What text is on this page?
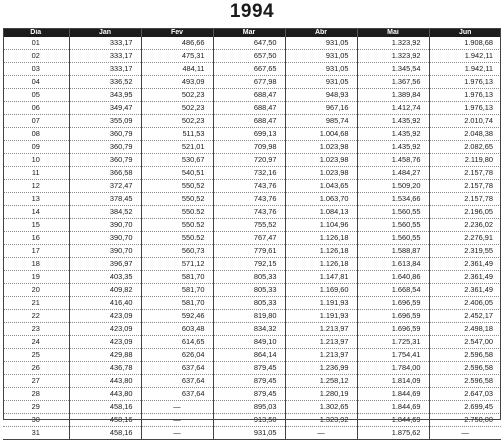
1994
Dia	Jan	Fev	Mar	Abr	Mai	Jun
01	333,17	486,66	647,50	931,05	1.323,92	1.908,68
02	333,17	475,31	657,50	931,05	1.323,92	1.942,11
03	333,17	484,11	667,65	931,05	1.345,54	1.942,11
04	336,52	493,09	677,98	931,05	1.367,56	1.976,13
05	343,95	502,23	688,47	948,93	1.389,84	1.976,13
06	349,47	502,23	688,47	967,16	1.412,74	1.976,13
07	355,09	502,23	688,47	985,74	1.435,92	2.010,74
08	360,79	511,53	699,13	1.004,68	1.435,92	2.048,38
09	360,79	521,01	709,98	1.023,98	1.435,92	2.082,65
10	360,79	530,67	720,97	1.023,98	1.458,76	2.119,80
11	366,58	540,51	732,16	1.023,98	1.484,27	2.157,78
12	372,47	550,52	743,76	1.043,65	1.509,20	2.157,78
13	378,45	550,52	743,76	1.063,70	1.534,66	2.157,78
14	384,52	550.52	743,76	1.084,13	1.560,55	2.196,05
15	390,70	550.52	755,52	1.104,96	1.560,55	2.236,02
16	390,70	550.52	767,47	1.126,18	1.560,55	2.276,91
17	390,70	560,73	779,61	1.126,18	1.588,87	2.319,55
18	396,97	571,12	792,15	1.126,18	1.613,84	2.361,49
19	403,35	581,70	805,33	1.147,81	1.640,86	2.361,49
20	409,82	581,70	805,33	1.169,60	1.668,54	2.361,49
21	416,40	581,70	805,33	1.191,93	1.696,59	2.406,05
22	423,09	592,46	819,80	1.191,93	1.696,59	2.452,17
23	423,09	603,48	834,32	1.213,97	1.696,59	2.498,18
24	423,09	614,65	849,10	1.213,97	1.725,31	2.547,00
25	429,88	626,04	864,14	1.213,97	1.754,41	2.596,58
26	436,78	637,64	879,45	1.236,99	1.784,00	2.596,58
27	443,80	637,64	879,45	1.258,12	1.814,09	2.596,58
28	443,80	637,64	879,45	1.280,19	1.844,69	2.647,03
29	458,16	—	895,03	1.302,65	1.844,69	2.699,45
30	458,16	—	913,50	1.323,92	1.844,69	2.750,00
31	458,16	—	931,05	—	1.875,62	—
